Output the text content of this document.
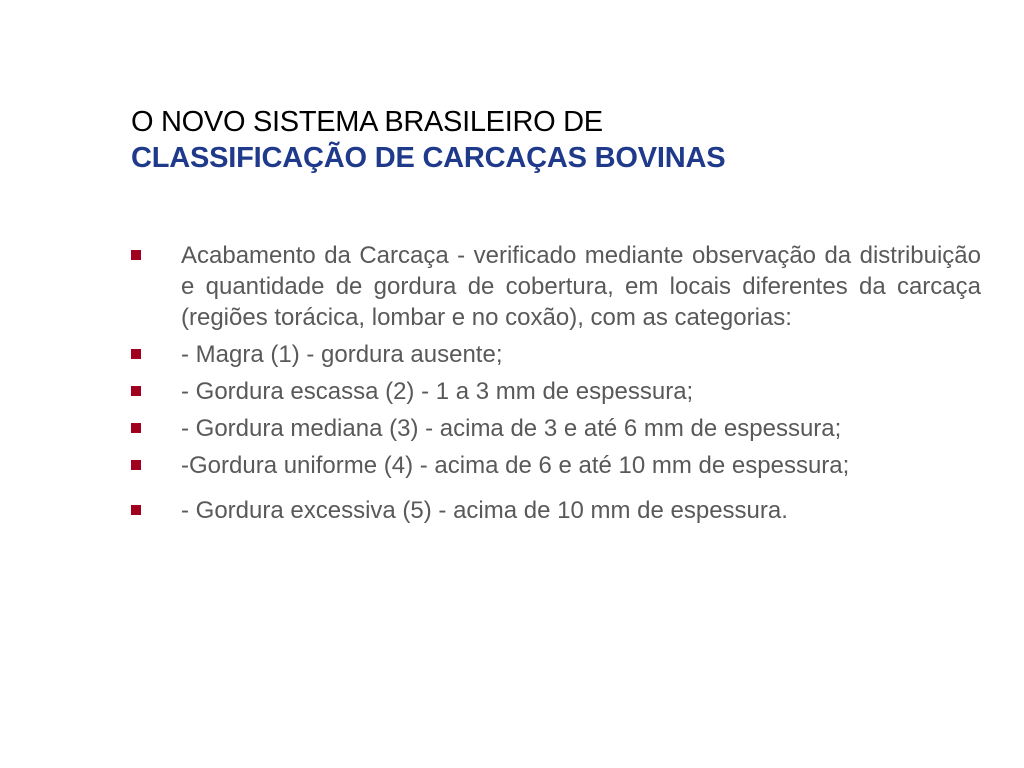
O NOVO SISTEMA BRASILEIRO DE
CLASSIFICAÇÃO DE CARCAÇAS BOVINAS
Acabamento da Carcaça - verificado mediante observação da distribuição e quantidade de gordura de cobertura, em locais diferentes da carcaça (regiões torácica, lombar e no coxão), com as categorias:
- Magra (1) - gordura ausente;
- Gordura escassa (2) - 1 a 3 mm de espessura;
- Gordura mediana (3) - acima de 3 e até 6 mm de espessura;
-Gordura uniforme (4) - acima de 6 e até 10 mm de espessura;
- Gordura excessiva (5) - acima de 10 mm de espessura.
